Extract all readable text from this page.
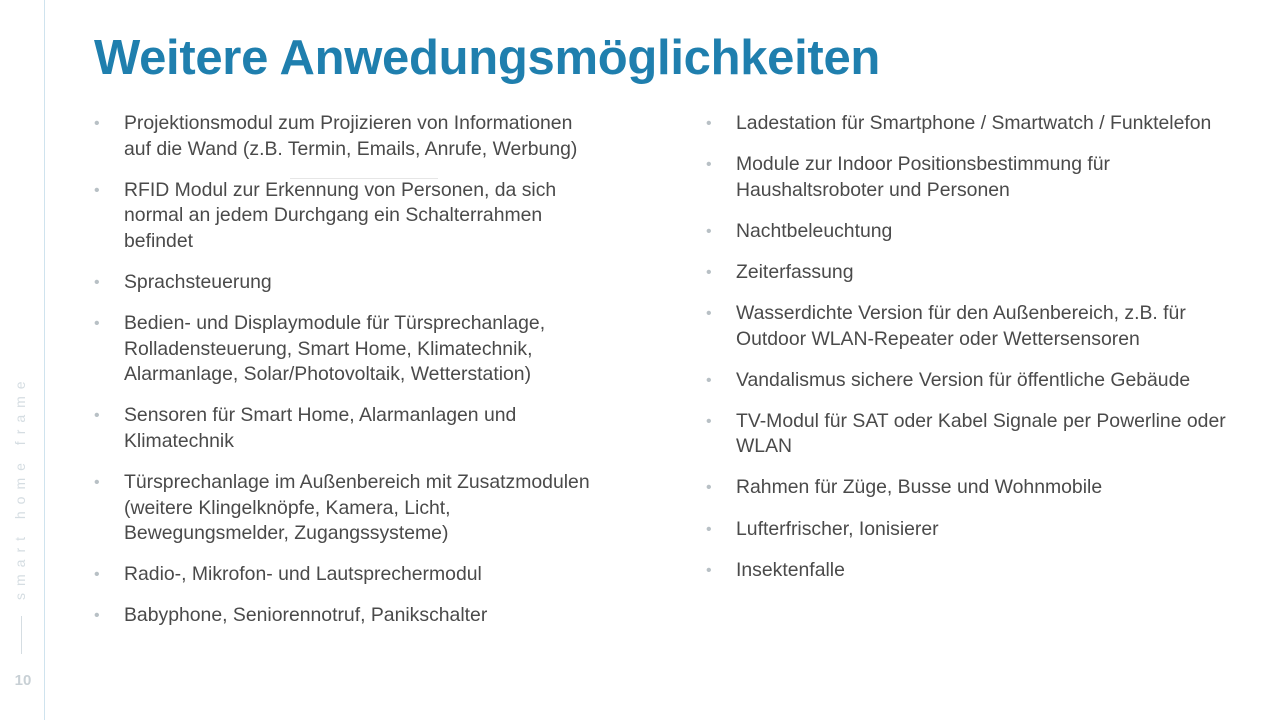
smart home frame
10
Weitere Anwedungsmöglichkeiten
• Projektionsmodul zum Projizieren von Informationen auf die Wand (z.B. Termin, Emails, Anrufe, Werbung)
• RFID Modul zur Erkennung von Personen, da sich normal an jedem Durchgang ein Schalterrahmen befindet
• Sprachsteuerung
• Bedien- und Displaymodule für Türsprechanlage, Rolladensteuerung, Smart Home, Klimatechnik, Alarmanlage, Solar/Photovoltaik, Wetterstation)
• Sensoren für Smart Home, Alarmanlagen und Klimatechnik
• Türsprechanlage im Außenbereich mit Zusatzmodulen (weitere Klingelknöpfe, Kamera, Licht, Bewegungsmelder, Zugangssysteme)
• Radio-, Mikrofon- und Lautsprechermodul
• Babyphone, Seniorennotruf, Panikschalter
• Ladestation für Smartphone / Smartwatch / Funktelefon
• Module zur Indoor Positionsbestimmung für Haushaltsroboter und Personen
• Nachtbeleuchtung
• Zeiterfassung
• Wasserdichte Version für den Außenbereich, z.B. für Outdoor WLAN-Repeater oder Wettersensoren
• Vandalismus sichere Version für öffentliche Gebäude
• TV-Modul für SAT oder Kabel Signale per Powerline oder WLAN
• Rahmen für Züge, Busse und Wohnmobile
• Lufterfrischer, Ionisierer
• Insektenfalle
